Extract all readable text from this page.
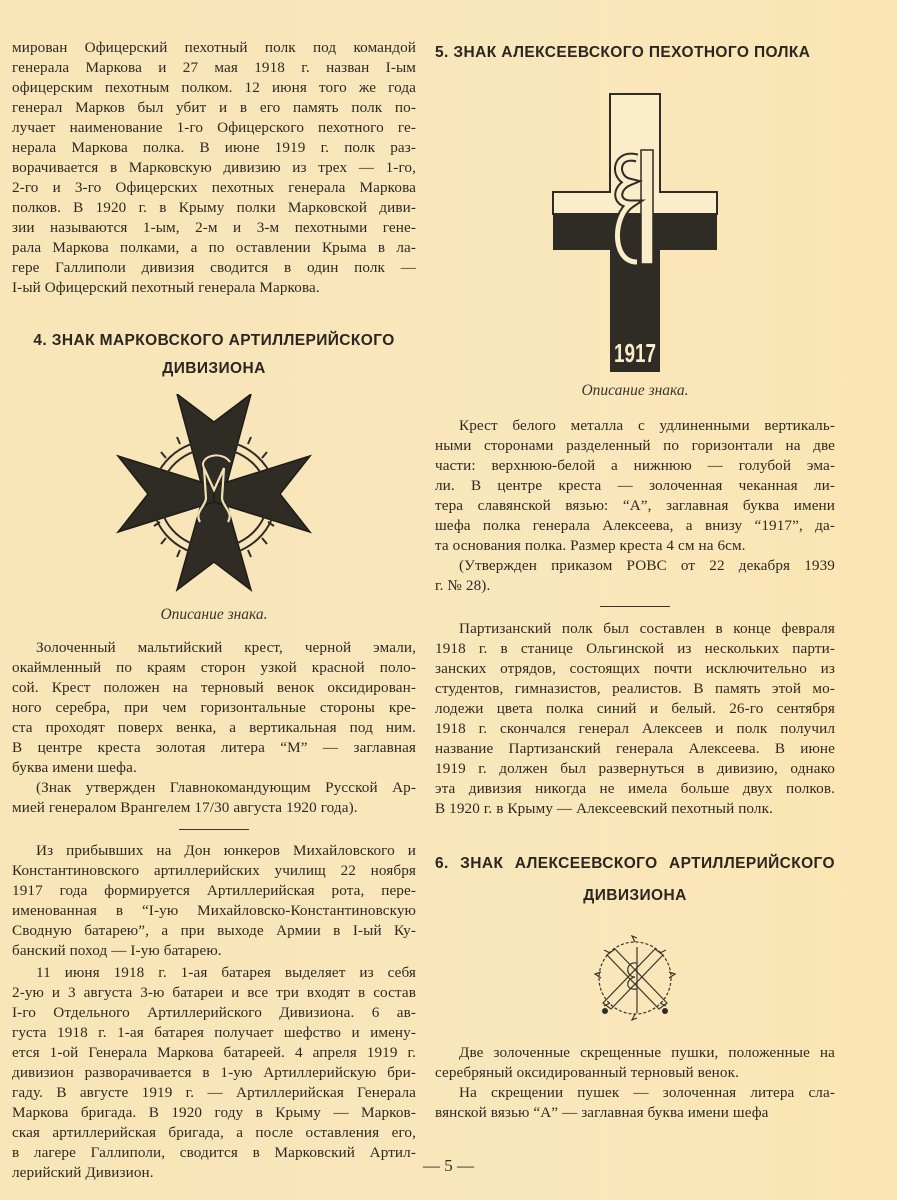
мирован Офицерский пехотный полк под командой
генерала Маркова и 27 мая 1918 г. назван I-ым
офицерским пехотным полком. 12 июня того же года
генерал Марков был убит и в его память полк по-
лучает наименование 1-го Офицерского пехотного ге-
нерала Маркова полка. В июне 1919 г. полк раз-
ворачивается в Марковскую дивизию из трех — 1-го,
2-го и 3-го Офицерских пехотных генерала Маркова
полков. В 1920 г. в Крыму полки Марковской диви-
зии называются 1-ым, 2-м и 3-м пехотными гене-
рала Маркова полками, а по оставлении Крыма в ла-
гере Галлиполи дивизия сводится в один полк —
I-ый Офицерский пехотный генерала Маркова.

4. ЗНАК МАРКОВСКОГО АРТИЛЛЕРИЙСКОГО
ДИВИЗИОНА
Описание знака.

Золоченный мальтийский крест, черной эмали,
окаймленный по краям сторон узкой красной поло-
сой. Крест положен на терновый венок оксидирован-
ного серебра, при чем горизонтальные стороны кре-
ста проходят поверх венка, а вертикальная под ним.
В центре креста золотая литера “М” — заглавная
буква имени шефа.

(Знак утвержден Главнокомандующим Русской Ар-
мией генералом Врангелем 17/30 августа 1920 года).

Из прибывших на Дон юнкеров Михайловского и
Константиновского артиллерийских училищ 22 ноября
1917 года формируется Артиллерийская рота, пере-
именованная в “I-ую Михайловско-Константиновскую
Сводную батарею”, а при выходе Армии в I-ый Ку-
банский поход — I-ую батарею.

11 июня 1918 г. 1-ая батарея выделяет из себя
2-ую и 3 августа 3-ю батареи и все три входят в состав
I-го Отдельного Артиллерийского Дивизиона. 6 ав-
густа 1918 г. 1-ая батарея получает шефство и имену-
ется 1-ой Генерала Маркова батареей. 4 апреля 1919 г.
дивизион разворачивается в 1-ую Артиллерийскую бри-
гаду. В августе 1919 г. — Артиллерийская Генерала
Маркова бригада. В 1920 году в Крыму — Марков-
ская артиллерийская бригада, а после оставления его,
в лагере Галлиполи, сводится в Марковский Артил-
лерийский Дивизион.

5. ЗНАК АЛЕКСЕЕВСКОГО ПЕХОТНОГО ПОЛКА
1917
Описание знака.

Крест белого металла с удлиненными вертикаль-
ными сторонами разделенный по горизонтали на две
части: верхнюю-белой а нижнюю — голубой эма-
ли. В центре креста — золоченная чеканная ли-
тера славянской вязью: “А”, заглавная буква имени
шефа полка генерала Алексеева, а внизу “1917”, да-
та основания полка. Размер креста 4 см на 6см.

(Утвержден приказом РОВС от 22 декабря 1939
г. № 28).

Партизанский полк был составлен в конце февраля
1918 г. в станице Ольгинской из нескольких парти-
занских отрядов, состоящих почти исключительно из
студентов, гимназистов, реалистов. В память этой мо-
лодежи цвета полка синий и белый. 26-го сентября
1918 г. скончался генерал Алексеев и полк получил
название Партизанский генерала Алексеева. В июне
1919 г. должен был развернуться в дивизию, однако
эта дивизия никогда не имела больше двух полков.
В 1920 г. в Крыму — Алексеевский пехотный полк.

6. ЗНАК АЛЕКСЕЕВСКОГО АРТИЛЛЕРИЙСКОГО
ДИВИЗИОНА

Две золоченные скрещенные пушки, положенные на
серебряный оксидированный терновый венок.

На скрещении пушек — золоченная литера сла-
вянской вязью “А” — заглавная буква имени шефа

— 5 —
